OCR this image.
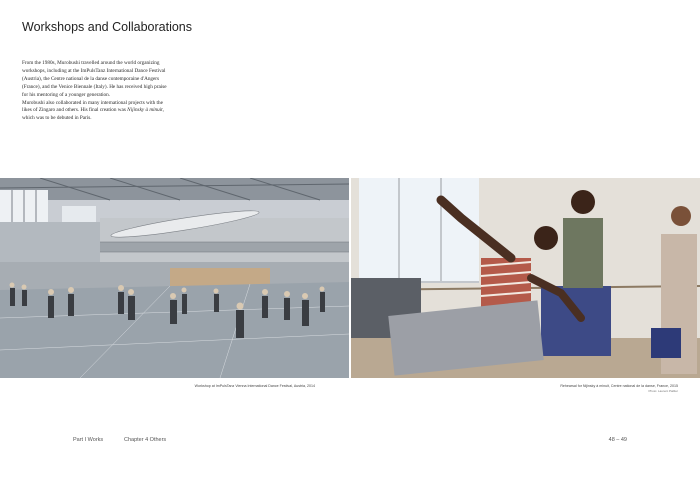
Workshops and Collaborations

From the 1980s, Murobushi travelled around the world organizing workshops, including at the ImPulsTanz International Dance Festival (Austria), the Centre national de la danse contemporaine d'Angers (France), and the Venice Biennale (Italy). He has received high praise for his mentoring of a younger generation.

Murobushi also collaborated in many international projects with the likes of Zingaro and others. His final creation was Nijinsky à minuit, which was to be debuted in Paris.

Workshop at ImPulsTanz Vienna International Dance Festival, Austria, 2014	Rehearsal for Nijinsky à minuit, Centre national de la danse, France, 2015
Photo: Laurent Paillier
Part I Works	Chapter 4 Others	48 – 49
